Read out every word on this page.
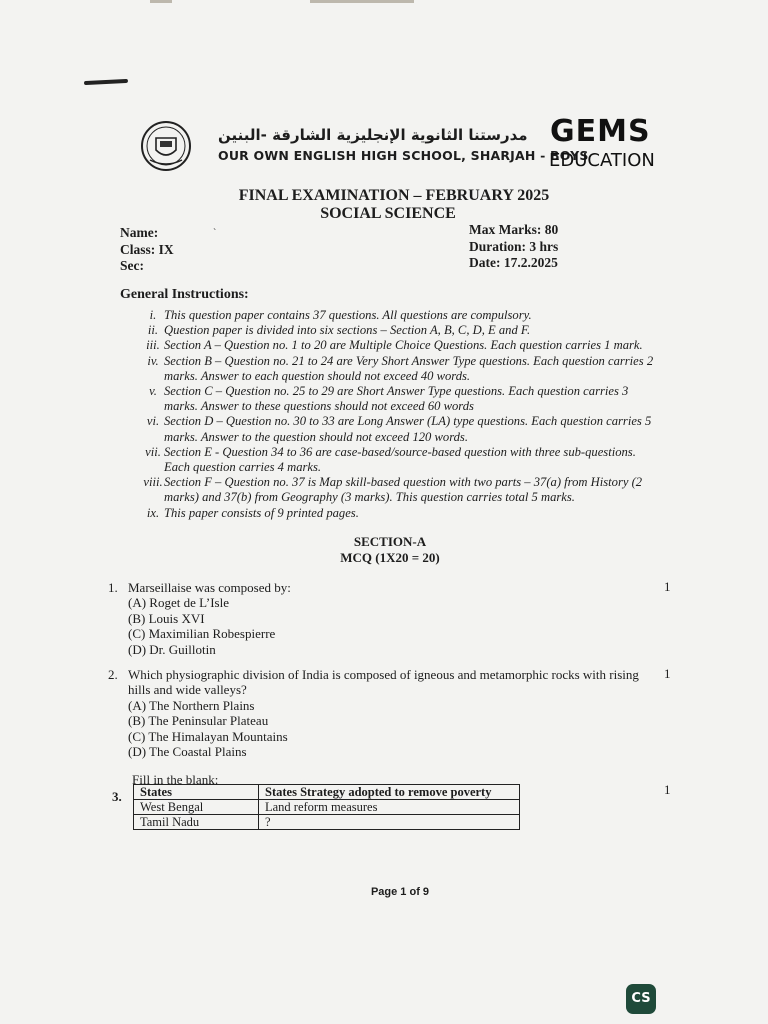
مدرستنا الثانوية الإنجليزية الشارقة -البنين
OUR OWN ENGLISH HIGH SCHOOL, SHARJAH - BOYS
GEMS
EDUCATION
FINAL EXAMINATION – FEBRUARY 2025
SOCIAL SCIENCE
Name:
Class: IX
Sec:
`	Max Marks: 80
Duration: 3 hrs
Date: 17.2.2025
General Instructions:
i. This question paper contains 37 questions. All questions are compulsory.
ii. Question paper is divided into six sections – Section A, B, C, D, E and F.
iii. Section A – Question no. 1 to 20 are Multiple Choice Questions. Each question carries 1 mark.
iv. Section B – Question no. 21 to 24 are Very Short Answer Type questions. Each question carries 2 marks. Answer to each question should not exceed 40 words.
v. Section C – Question no. 25 to 29 are Short Answer Type questions. Each question carries 3 marks. Answer to these questions should not exceed 60 words
vi. Section D – Question no. 30 to 33 are Long Answer (LA) type questions. Each question carries 5 marks. Answer to the question should not exceed 120 words.
vii. Section E - Question 34 to 36 are case-based/source-based question with three sub-questions. Each question carries 4 marks.
viii. Section F – Question no. 37 is Map skill-based question with two parts – 37(a) from History (2 marks) and 37(b) from Geography (3 marks). This question carries total 5 marks.
ix. This paper consists of 9 printed pages.
SECTION-A
MCQ (1X20 = 20)
1. Marseillaise was composed by:
(A) Roget de L’Isle
(B) Louis XVI
(C) Maximilian Robespierre
(D) Dr. Guillotin
1
2. Which physiographic division of India is composed of igneous and metamorphic rocks with rising hills and wide valleys?
(A) The Northern Plains
(B) The Peninsular Plateau
(C) The Himalayan Mountains
(D) The Coastal Plains
1
Fill in the blank:
3. States	States Strategy adopted to remove poverty
West Bengal	Land reform measures
Tamil Nadu	?
1
Page 1 of 9
CS
